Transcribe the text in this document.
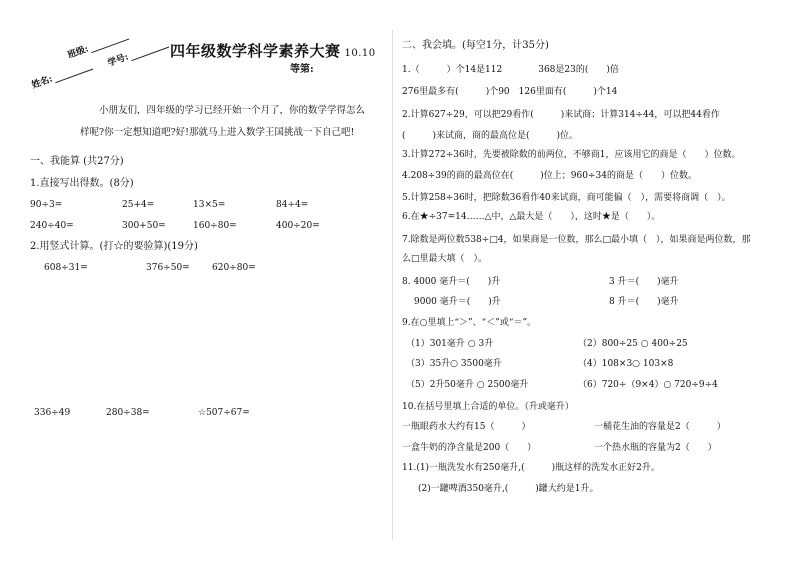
班级:	学号:
姓名:
四年级数学科学素养大赛 10.10
等第:
小朋友们，四年级的学习已经开始一个月了，你的数学学得怎么样呢?你一定想知道吧?好!那就马上进入数学王国挑战一下自己吧!
一、我能算 (共27分)
1.直接写出得数。(8分)
90÷3=	25+4=	13×5=	84÷4=
240÷40=	300+50=	160÷80=	400÷20=
2.用竖式计算。(打☆的要验算)(19分)
608÷31=	376÷50= 620÷80=
336÷49	280÷38=	☆507÷67=
二、我会填。(每空1分，计35分)
1.（　　　）个14是112　　　　368是23的(　　)倍
276里最多有(　　　)个90　126里面有(　　　)个14
2.计算627÷29，可以把29看作(　　　)来试商；计算314÷44，可以把44看作
(　　　)来试商，商的最高位是(　　　)位。
3.计算272÷36时，先要被除数的前两位，不够商1，应该用它的商是（　　）位数。
4.208÷39的商的最高位在(　　　)位上；960÷34的商是（　　）位数。
5.计算258÷36时，把除数36看作40来试商，商可能偏（　），需要将商调（　）。
6.在★÷37=14……△中，△最大是（　　），这时★是（　　）。
7.除数是两位数538÷□4，如果商是一位数，那么□最小填（　），如果商是两位数，那
么□里最大填（　）。
8. 4000 毫升＝(　　)升	3 升＝(　　)毫升
9000 毫升＝(　　)升	8 升＝(　　)毫升
9.在○里填上“＞”、“＜”或“＝”。
（1）301毫升 ○ 3升	（2）800÷25 ○ 400÷25
（3）35升○ 3500毫升	（4）108×3○ 103×8
（5）2升50毫升 ○ 2500毫升	（6）720÷（9×4）○ 720÷9÷4
10.在括号里填上合适的单位。（升或毫升）
一瓶眼药水大约有15（　　　）	一桶花生油的容量是2（　　　）
一盒牛奶的净含量是200（　　）	一个热水瓶的容量为2（　　）
11.(1)一瓶洗发水有250毫升,(　　　)瓶这样的洗发水正好2升。
(2)一罐啤酒350毫升,(　　　)罐大约是1升。
